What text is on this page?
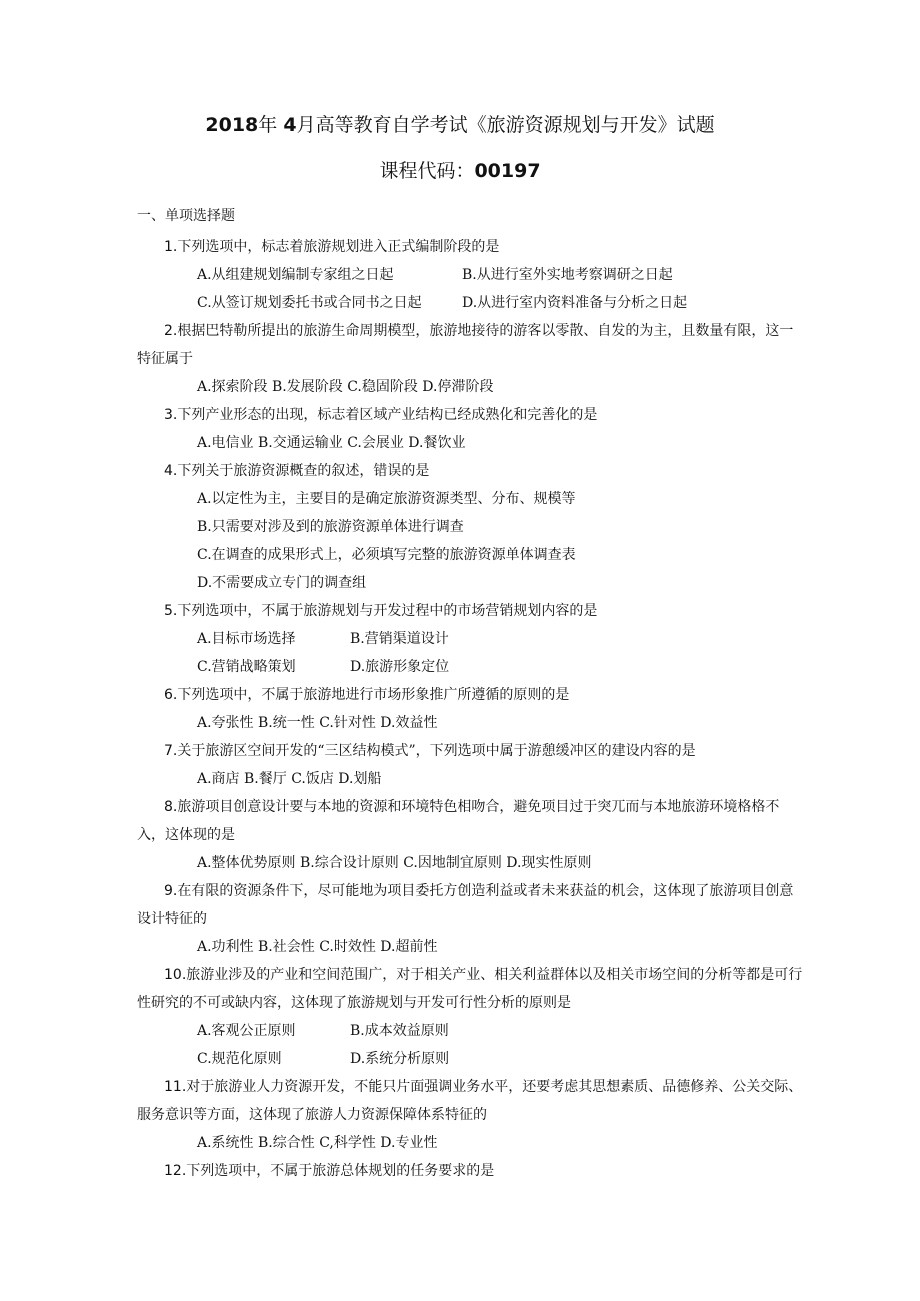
2018年 4月高等教育自学考试《旅游资源规划与开发》试题
课程代码：00197
一、单项选择题

1.下列选项中，标志着旅游规划进入正式编制阶段的是

A.从组建规划编制专家组之日起	B.从进行室外实地考察调研之日起
C.从签订规划委托书或合同书之日起	D.从进行室内资料准备与分析之日起

2.根据巴特勒所提出的旅游生命周期模型，旅游地接待的游客以零散、自发的为主，且数量有限，这一特征属于

A.探索阶段 B.发展阶段 C.稳固阶段 D.停滞阶段

3.下列产业形态的出现，标志着区域产业结构已经成熟化和完善化的是

A.电信业 B.交通运输业 C.会展业 D.餐饮业

4.下列关于旅游资源概查的叙述，错误的是

A.以定性为主，主要目的是确定旅游资源类型、分布、规模等
B.只需要对涉及到的旅游资源单体进行调查
C.在调查的成果形式上，必须填写完整的旅游资源单体调查表
D.不需要成立专门的调查组

5.下列选项中，不属于旅游规划与开发过程中的市场营销规划内容的是

A.目标市场选择	B.营销渠道设计
C.营销战略策划	D.旅游形象定位

6.下列选项中，不属于旅游地进行市场形象推广所遵循的原则的是

A.夸张性 B.统一性 C.针对性 D.效益性

7.关于旅游区空间开发的“三区结构模式”，下列选项中属于游憩缓冲区的建设内容的是

A.商店 B.餐厅 C.饭店 D.划船

8.旅游项目创意设计要与本地的资源和环境特色相吻合，避免项目过于突兀而与本地旅游环境格格不入，这体现的是

A.整体优势原则 B.综合设计原则 C.因地制宜原则 D.现实性原则

9.在有限的资源条件下，尽可能地为项目委托方创造利益或者未来获益的机会，这体现了旅游项目创意设计特征的

A.功利性 B.社会性 C.时效性 D.超前性

10.旅游业涉及的产业和空间范围广，对于相关产业、相关利益群体以及相关市场空间的分析等都是可行性研究的不可或缺内容，这体现了旅游规划与开发可行性分析的原则是

A.客观公正原则	B.成本效益原则
C.规范化原则	D.系统分析原则

11.对于旅游业人力资源开发，不能只片面强调业务水平，还要考虑其思想素质、品德修养、公关交际、服务意识等方面，这体现了旅游人力资源保障体系特征的

A.系统性 B.综合性 C,科学性 D.专业性

12.下列选项中，不属于旅游总体规划的任务要求的是
